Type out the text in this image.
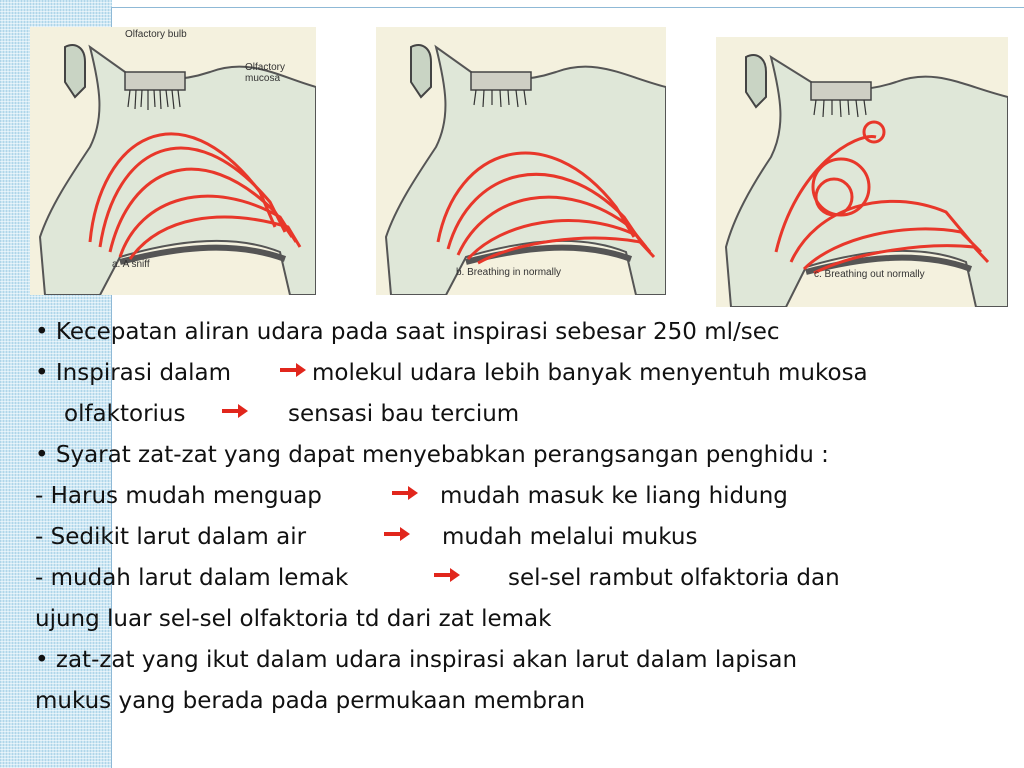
Olfactory bulb
Olfactory mucosa
a. A sniff
b. Breathing in normally	c. Breathing out normally
• Kecepatan aliran udara pada saat inspirasi sebesar 250 ml/sec
• Inspirasi dalam	molekul udara lebih banyak menyentuh mukosa
olfaktorius	sensasi bau tercium
• Syarat zat-zat yang dapat menyebabkan perangsangan penghidu :
- Harus mudah menguap	mudah masuk ke liang hidung
- Sedikit larut dalam air	mudah melalui mukus
- mudah larut dalam lemak	sel-sel rambut olfaktoria dan
ujung luar sel-sel olfaktoria td dari zat lemak
• zat-zat yang ikut dalam udara inspirasi akan larut dalam lapisan
mukus yang berada pada permukaan membran
